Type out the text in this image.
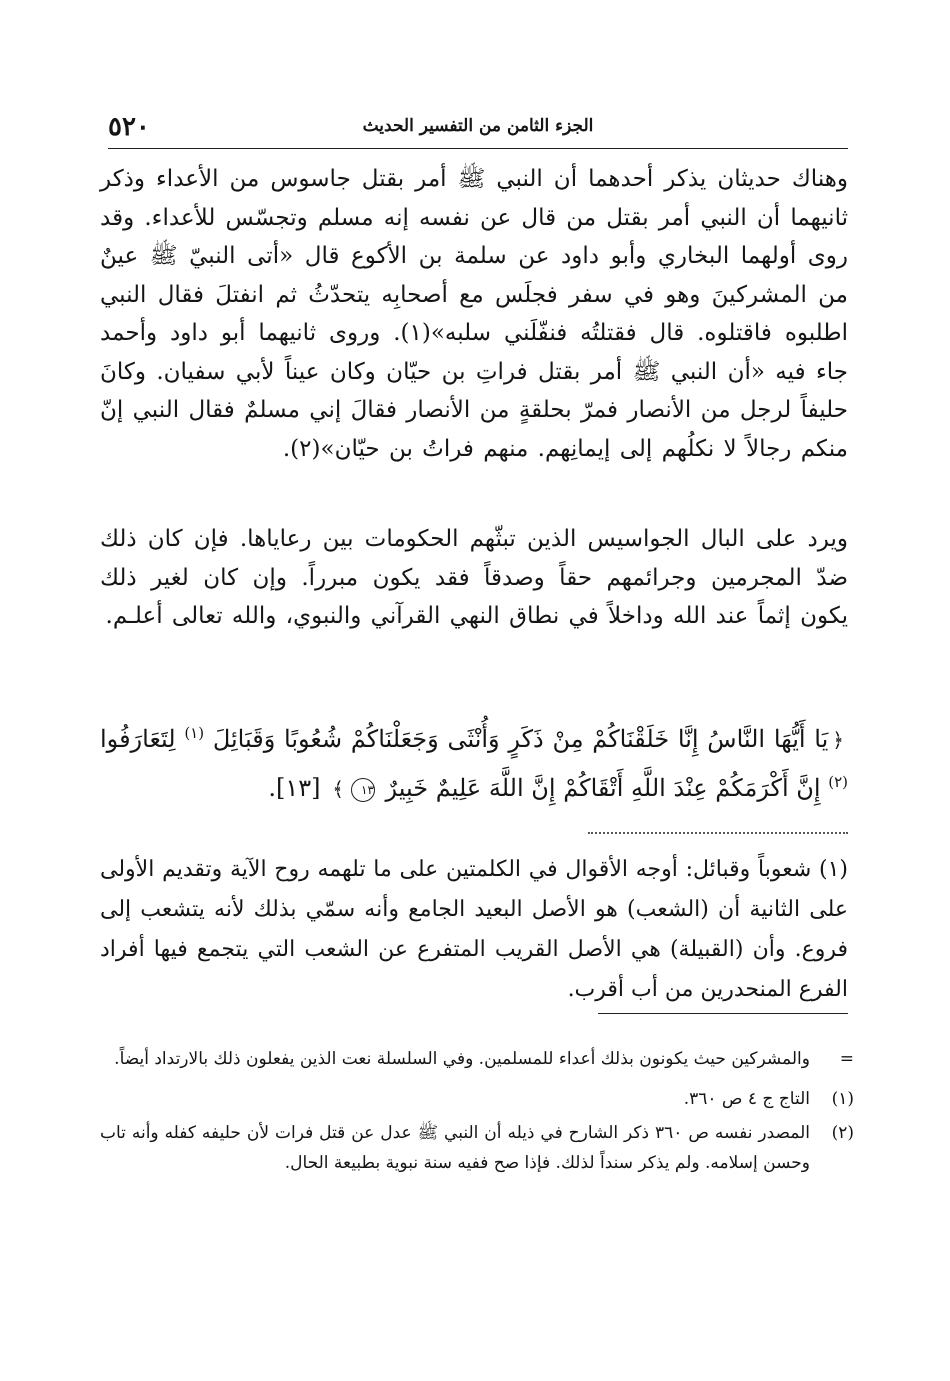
٥٢٠	الجزء الثامن من التفسير الحديث

وهناك حديثان يذكر أحدهما أن النبي ﷺ أمر بقتل جاسوس من الأعداء وذكر ثانيهما أن النبي أمر بقتل من قال عن نفسه إنه مسلم وتجسّس للأعداء. وقد روى أولهما البخاري وأبو داود عن سلمة بن الأكوع قال «أتى النبيّ ﷺ عينٌ من المشركينَ وهو في سفر فجلَس مع أصحابِه يتحدّثُ ثم انفتلَ فقال النبي اطلبوه فاقتلوه. قال فقتلتُه فنفّلَني سلبه»(١). وروى ثانيهما أبو داود وأحمد جاء فيه «أن النبي ﷺ أمر بقتل فراتِ بن حيّان وكان عيناً لأبي سفيان. وكانَ حليفاً لرجل من الأنصار فمرّ بحلقةٍ من الأنصار فقالَ إني مسلمٌ فقال النبي إنّ منكم رجالاً لا نكلُهم إلى إيمانِهم. منهم فراتُ بن حيّان»(٢).

ويرد على البال الجواسيس الذين تبثّهم الحكومات بين رعاياها. فإن كان ذلك ضدّ المجرمين وجرائمهم حقاً وصدقاً فقد يكون مبرراً. وإن كان لغير ذلك يكون إثماً عند الله وداخلاً في نطاق النهي القرآني والنبوي، والله تعالى أعلـم.

﴿يَا أَيُّهَا النَّاسُ إِنَّا خَلَقْنَاكُمْ مِنْ ذَكَرٍ وَأُنْثَى وَجَعَلْنَاكُمْ شُعُوبًا وَقَبَائِلَ $^{(١)}$ لِتَعَارَفُوا $^{(٢)}$ إِنَّ أَكْرَمَكُمْ عِنْدَ اللَّهِ أَتْقَاكُمْ إِنَّ اللَّهَ عَلِيمٌ خَبِيرٌ ١٣﴾ [١٣].

(١) شعوباً وقبائل: أوجه الأقوال في الكلمتين على ما تلهمه روح الآية وتقديم الأولى على الثانية أن (الشعب) هو الأصل البعيد الجامع وأنه سمّي بذلك لأنه يتشعب إلى فروع. وأن (القبيلة) هي الأصل القريب المتفرع عن الشعب التي يتجمع فيها أفراد الفرع المنحدرين من أب أقرب.

=
والمشركين حيث يكونون بذلك أعداء للمسلمين. وفي السلسلة نعت الذين يفعلون ذلك بالارتداد أيضاً.
(١)
التاج ج ٤ ص ٣٦٠.
(٢)
المصدر نفسه ص ٣٦٠ ذكر الشارح في ذيله أن النبي ﷺ عدل عن قتل فرات لأن حليفه كفله وأنه تاب وحسن إسلامه. ولم يذكر سنداً لذلك. فإذا صح ففيه سنة نبوية بطبيعة الحال.
